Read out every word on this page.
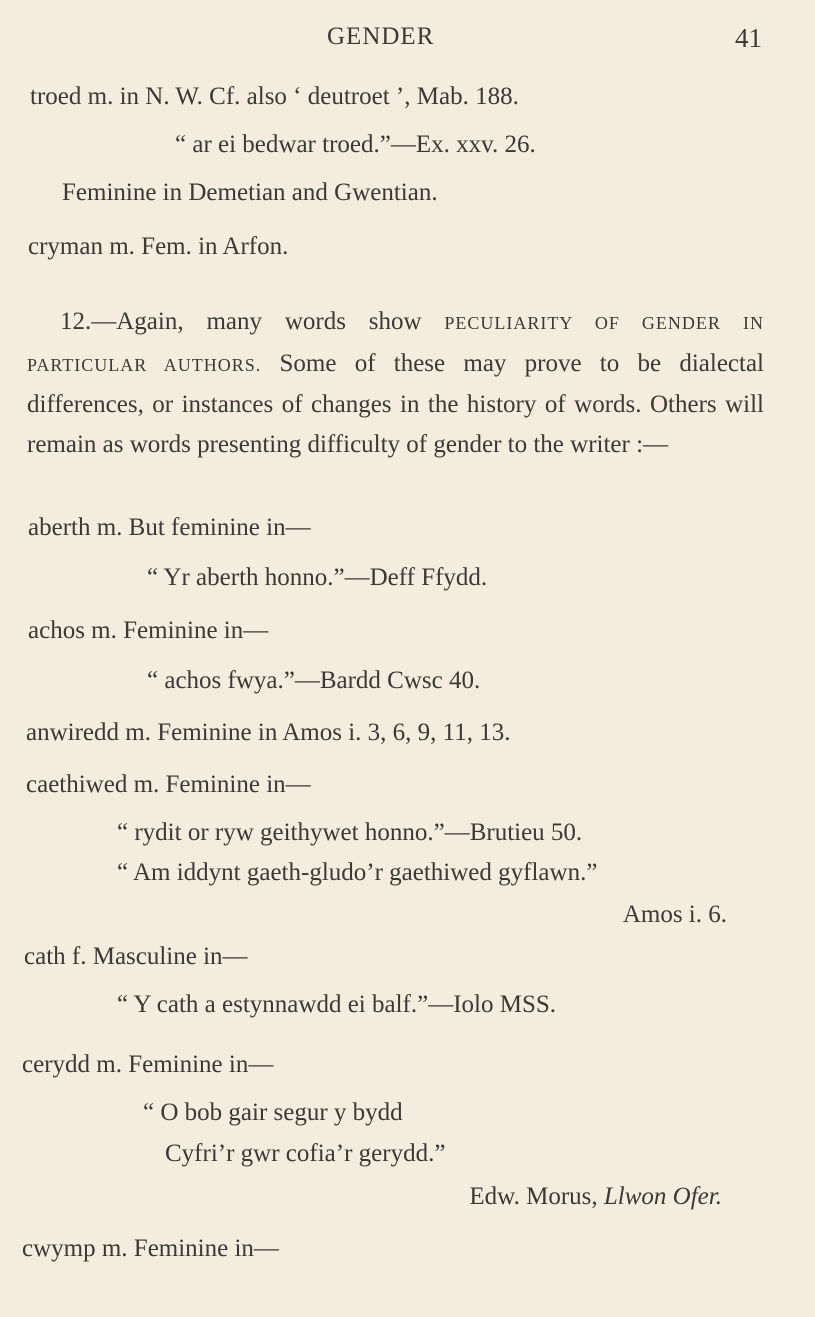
GENDER	41
troed m. in N. W. Cf. also ‘ deutroet ’, Mab. 188.
“ ar ei bedwar troed.”—Ex. xxv. 26.
Feminine in Demetian and Gwentian.
cryman m. Fem. in Arfon.
12.—Again, many words show PECULIARITY OF GENDER IN PARTICULAR AUTHORS. Some of these may prove to be dialectal differences, or instances of changes in the history of words. Others will remain as words presenting difficulty of gender to the writer :—
aberth m. But feminine in—
“ Yr aberth honno.”—Deff Ffydd.
achos m. Feminine in—
“ achos fwya.”—Bardd Cwsc 40.
anwiredd m. Feminine in Amos i. 3, 6, 9, 11, 13.
caethiwed m. Feminine in—
“ rydit or ryw geithywet honno.”—Brutieu 50.
“ Am iddynt gaeth-gludo’r gaethiwed gyflawn.”
Amos i. 6.
cath f. Masculine in—
“ Y cath a estynnawdd ei balf.”—Iolo MSS.
cerydd m. Feminine in—
“ O bob gair segur y bydd
Cyfri’r gwr cofia’r gerydd.”
Edw. Morus, Llwon Ofer.
cwymp m. Feminine in—
